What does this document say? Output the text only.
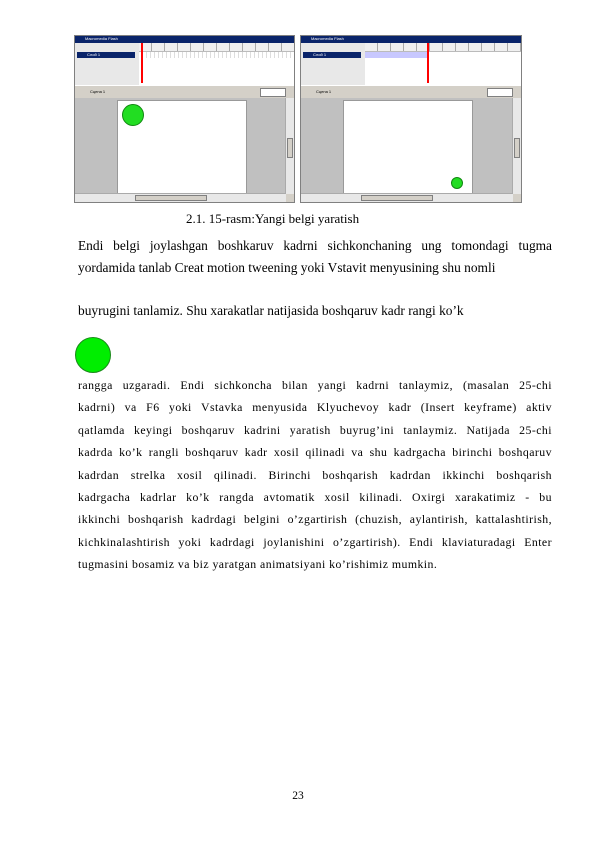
Macromedia Flash
Слой 1
Сцена 1
Macromedia Flash
Слой 1
Сцена 1
2.1. 15-rasm:Yangi belgi yaratish
Endi belgi joylashgan boshkaruv kadrni sichkonchaning ung tomondagi tugma
yordamida tanlab Creat motion tweening yoki Vstavit menyusining shu nomli
buyrugini tanlamiz. Shu xarakatlar natijasida boshqaruv kadr rangi ko’k
rangga uzgaradi. Endi sichkoncha bilan yangi kadrni tanlaymiz, (masalan 25-chi
kadrni) va F6 yoki Vstavka menyusida Klyuchevoy kadr (Insert keyframe) aktiv
qatlamda keyingi boshqaruv kadrini yaratish buyrug’ini tanlaymiz. Natijada 25-chi
kadrda ko’k rangli boshqaruv kadr xosil qilinadi va shu kadrgacha birinchi boshqaruv
kadrdan strelka xosil qilinadi. Birinchi boshqarish kadrdan ikkinchi boshqarish
kadrgacha kadrlar ko’k rangda avtomatik xosil kilinadi. Oxirgi xarakatimiz - bu
ikkinchi boshqarish kadrdagi belgini o’zgartirish (chuzish, aylantirish, kattalashtirish,
kichkinalashtirish yoki kadrdagi joylanishini o’zgartirish). Endi klaviaturadagi Enter
tugmasini bosamiz va biz yaratgan animatsiyani ko’rishimiz mumkin.
23
